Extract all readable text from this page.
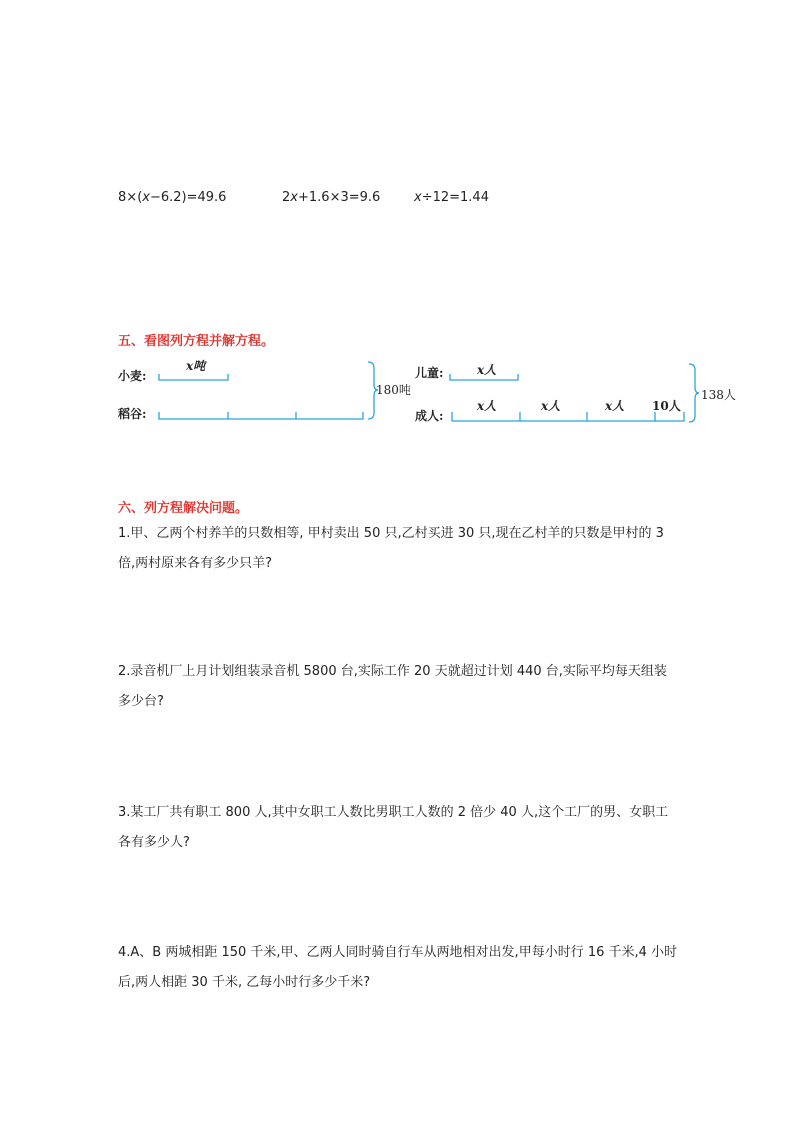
8×(x−6.2)=49.6	2x+1.6×3=9.6	x÷12=1.44
五、看图列方程并解方程。
小麦:
x吨
稻谷:
180吨
儿童:	x人
成人:
x人	x人	x人 10人
138人
六、列方程解决问题。
1.甲、乙两个村养羊的只数相等, 甲村卖出 50 只,乙村买进 30 只,现在乙村羊的只数是甲村的 3 倍,两村原来各有多少只羊?
2.录音机厂上月计划组装录音机 5800 台,实际工作 20 天就超过计划 440 台,实际平均每天组装多少台?
3.某工厂共有职工 800 人,其中女职工人数比男职工人数的 2 倍少 40 人,这个工厂的男、女职工各有多少人?
4.A、B 两城相距 150 千米,甲、乙两人同时骑自行车从两地相对出发,甲每小时行 16 千米,4 小时后,两人相距 30 千米, 乙每小时行多少千米?
